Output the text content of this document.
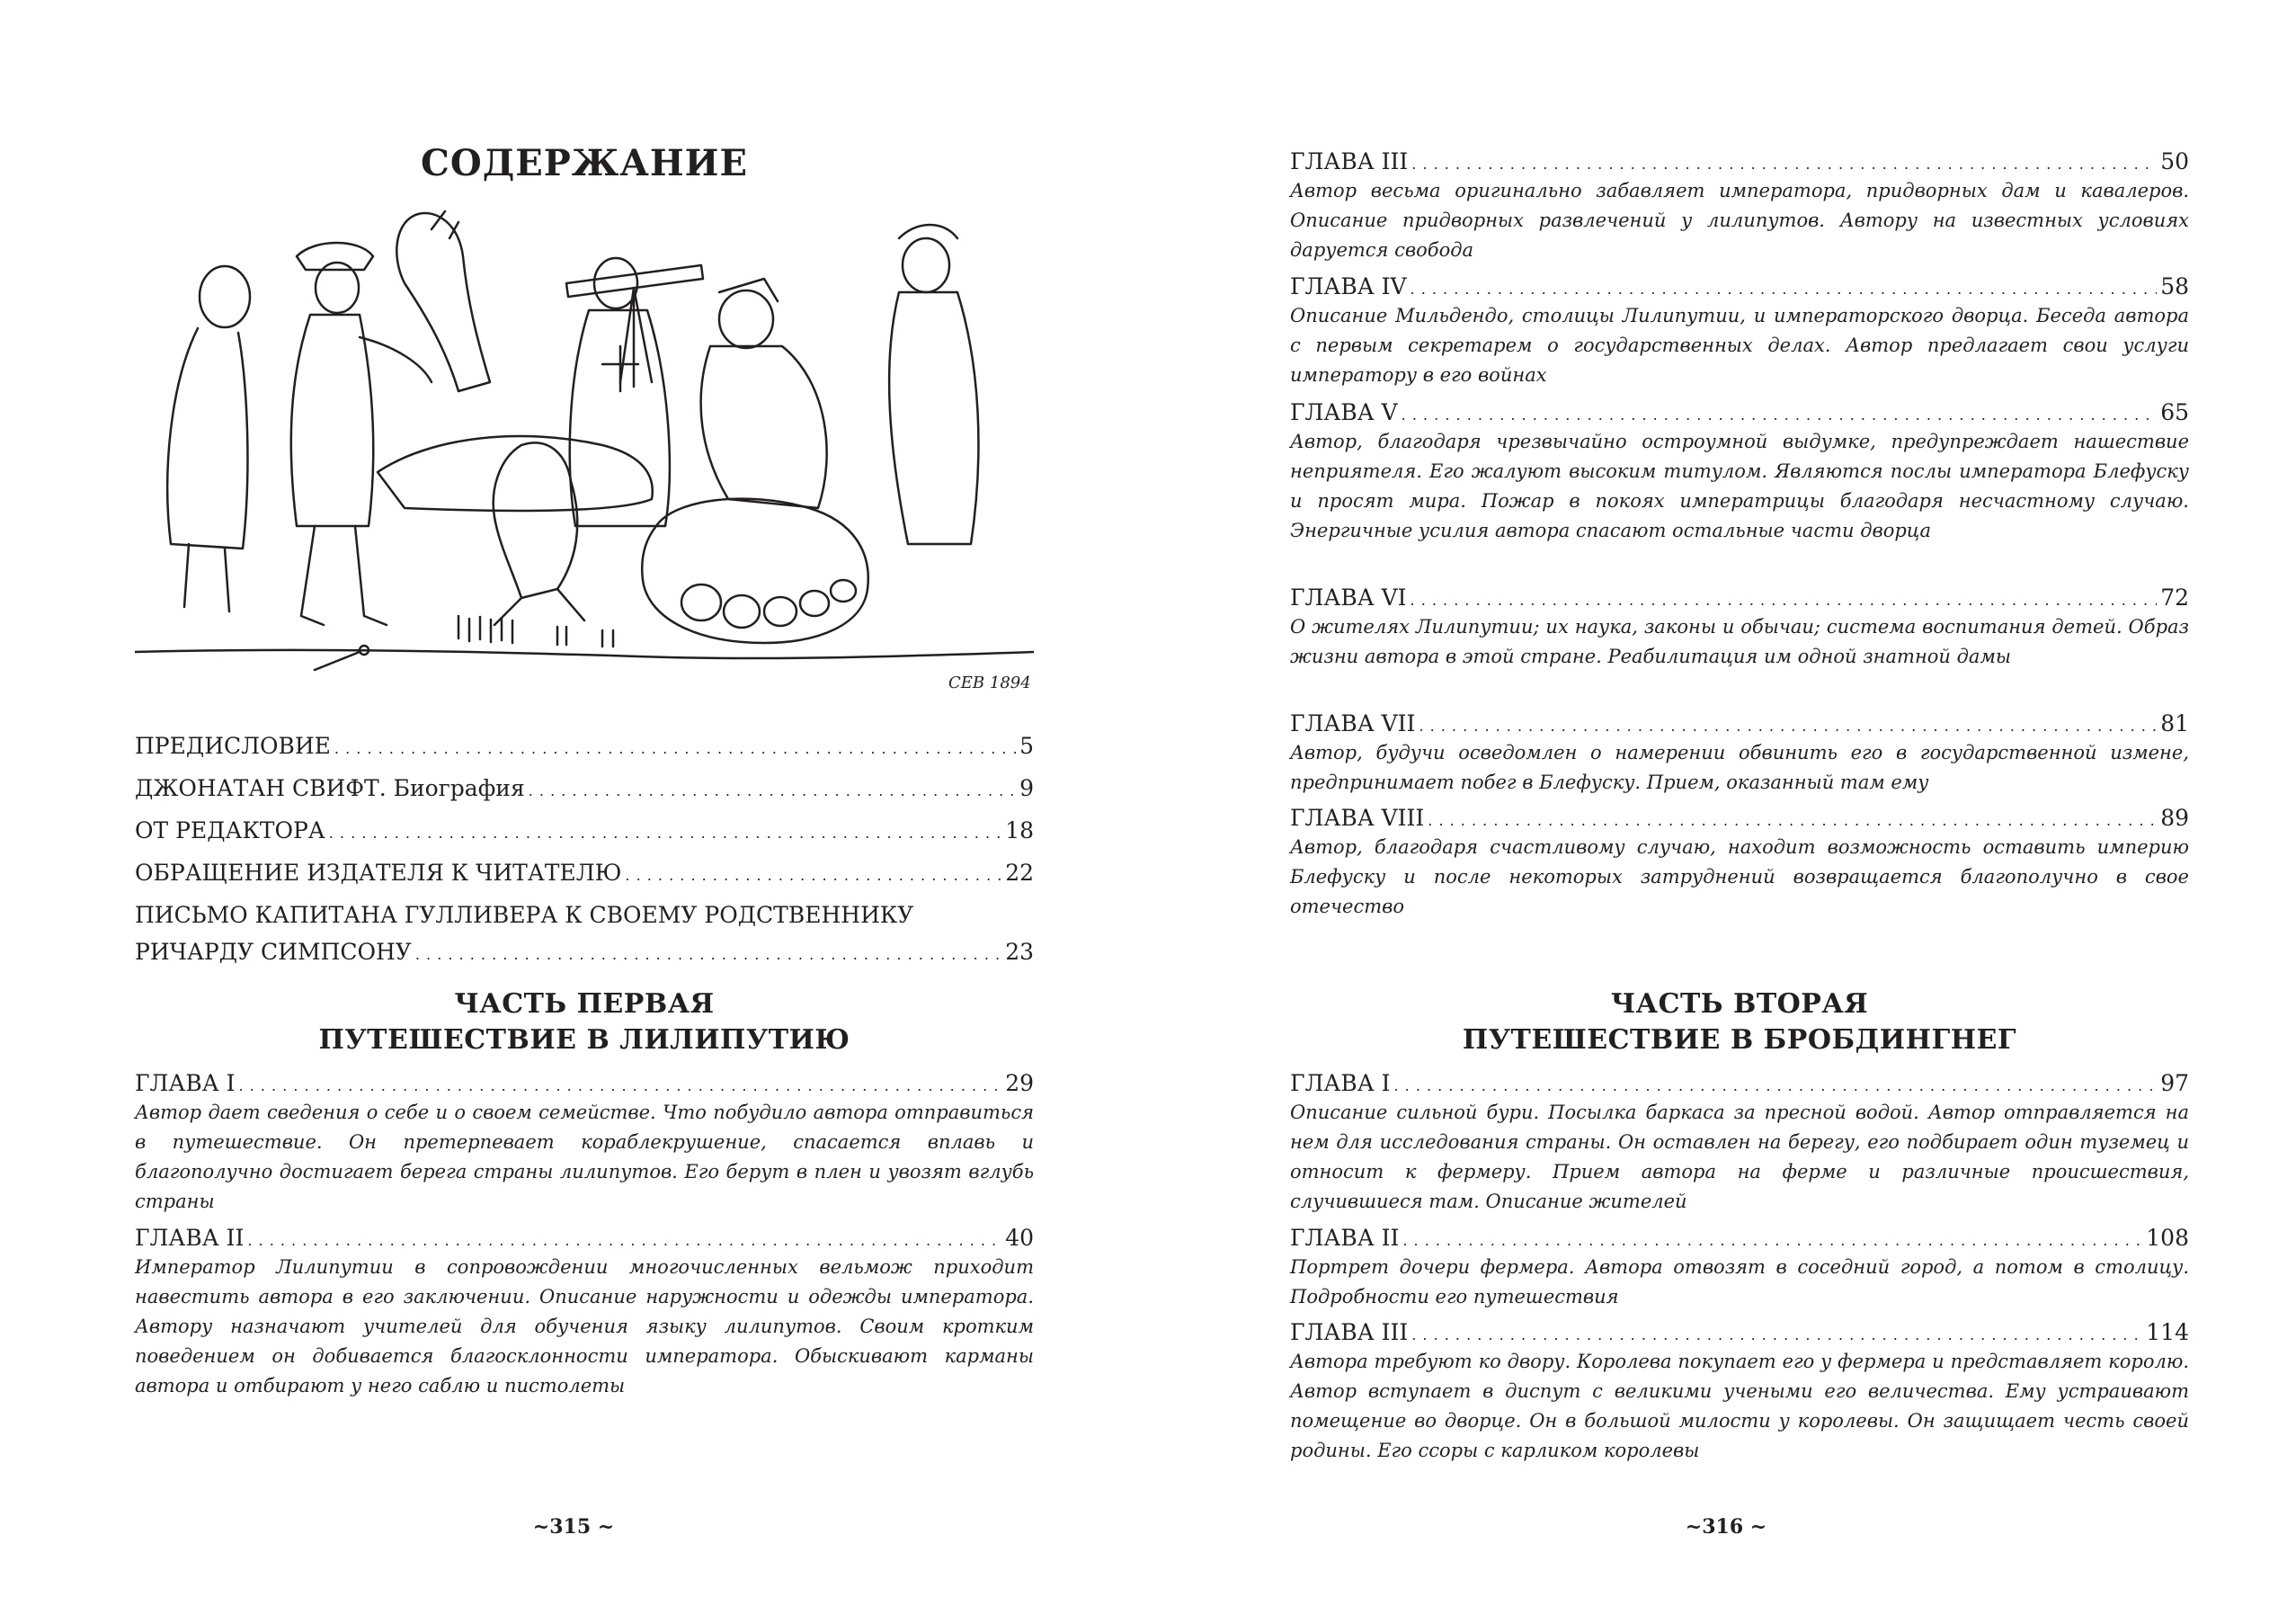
СОДЕРЖАНИЕ
CEB 1894
ПРЕДИСЛОВИЕ . . .	5
ДЖОНАТАН СВИФТ. Биография . . .	9
ОТ РЕДАКТОРА . . .	18
ОБРАЩЕНИЕ ИЗДАТЕЛЯ К ЧИТАТЕЛЮ . . .	22
ПИСЬМО КАПИТАНА ГУЛЛИВЕРА К СВОЕМУ РОДСТВЕННИКУ
РИЧАРДУ СИМПСОНУ . . .	23
ЧАСТЬ ПЕРВАЯ
ПУТЕШЕСТВИЕ В ЛИЛИПУТИЮ
ГЛАВА I . . .	29
Автор дает сведения о себе и о своем семействе. Что побудило автора отправиться в путешествие. Он претерпевает кораблекрушение, спасается вплавь и благополучно достигает берега страны лилипутов. Его берут в плен и увозят вглубь страны
ГЛАВА II . . .	40
Император Лилипутии в сопровождении многочисленных вельмож приходит навестить автора в его заключении. Описание наружности и одежды императора. Автору назначают учителей для обучения языку лилипутов. Своим кротким поведением он добивается благосклонности императора. Обыскивают карманы автора и отбирают у него саблю и пистолеты
~315 ~
ГЛАВА III . . .	50
Автор весьма оригинально забавляет императора, придворных дам и кавалеров. Описание придворных развлечений у лилипутов. Автору на известных условиях даруется свобода
ГЛАВА IV . . .	58
Описание Мильдендо, столицы Лилипутии, и императорского дворца. Беседа автора с первым секретарем о государственных делах. Автор предлагает свои услуги императору в его войнах
ГЛАВА V . . .	65
Автор, благодаря чрезвычайно остроумной выдумке, предупреждает нашествие неприятеля. Его жалуют высоким титулом. Являются послы императора Блефуску и просят мира. Пожар в покоях императрицы благодаря несчастному случаю. Энергичные усилия автора спасают остальные части дворца
ГЛАВА VI . . .	72
О жителях Лилипутии; их наука, законы и обычаи; система воспитания детей. Образ жизни автора в этой стране. Реабилитация им одной знатной дамы
ГЛАВА VII . . .	81
Автор, будучи осведомлен о намерении обвинить его в государственной измене, предпринимает побег в Блефуску. Прием, оказанный там ему
ГЛАВА VIII . . .	89
Автор, благодаря счастливому случаю, находит возможность оставить империю Блефуску и после некоторых затруднений возвращается благополучно в свое отечество
ЧАСТЬ ВТОРАЯ
ПУТЕШЕСТВИЕ В БРОБДИНГНЕГ
ГЛАВА I . . .	97
Описание сильной бури. Посылка баркаса за пресной водой. Автор отправляется на нем для исследования страны. Он оставлен на берегу, его подбирает один туземец и относит к фермеру. Прием автора на ферме и различные происшествия, случившиеся там. Описание жителей
ГЛАВА II . . .	108
Портрет дочери фермера. Автора отвозят в соседний город, а потом в столицу. Подробности его путешествия
ГЛАВА III . . .	114
Автора требуют ко двору. Королева покупает его у фермера и представляет королю. Автор вступает в диспут с великими учеными его величества. Ему устраивают помещение во дворце. Он в большой милости у королевы. Он защищает честь своей родины. Его ссоры с карликом королевы
~316 ~
